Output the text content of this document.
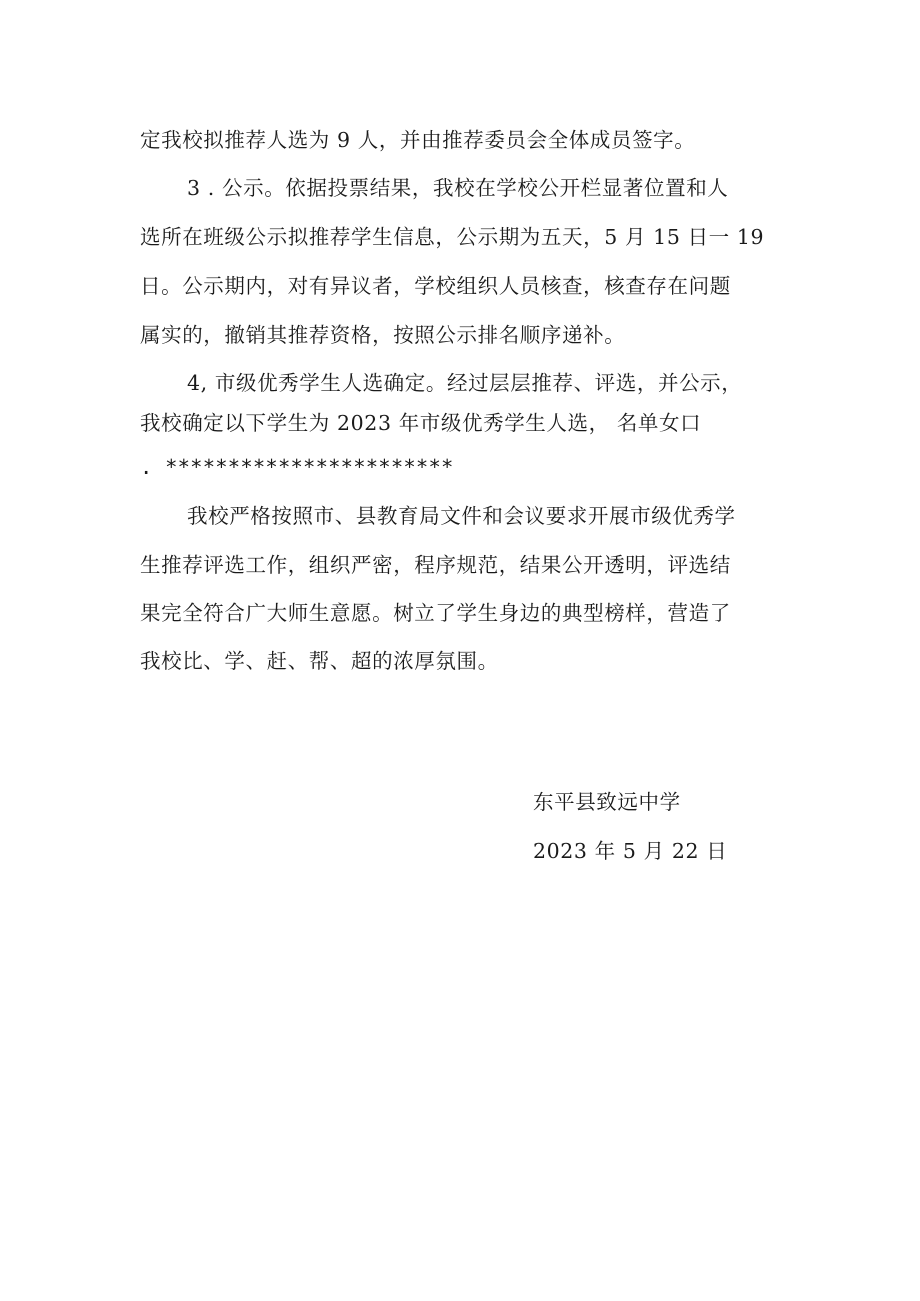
定我校拟推荐人选为 9 人，并由推荐委员会全体成员签字。
3 . 公示。依据投票结果，我校在学校公开栏显著位置和人
选所在班级公示拟推荐学生信息，公示期为五天，5 月 15 日一 19
日。公示期内，对有异议者，学校组织人员核查，核查存在问题
属实的，撤销其推荐资格，按照公示排名顺序递补。
4, 市级优秀学生人选确定。经过层层推荐、评选，并公示，
我校确定以下学生为 2023 年市级优秀学生人选， 名单女口
. ***********************
我校严格按照市、县教育局文件和会议要求开展市级优秀学
生推荐评选工作，组织严密，程序规范，结果公开透明，评选结
果完全符合广大师生意愿。树立了学生身边的典型榜样，营造了
我校比、学、赶、帮、超的浓厚氛围。
东平县致远中学
2023 年 5 月 22 日
